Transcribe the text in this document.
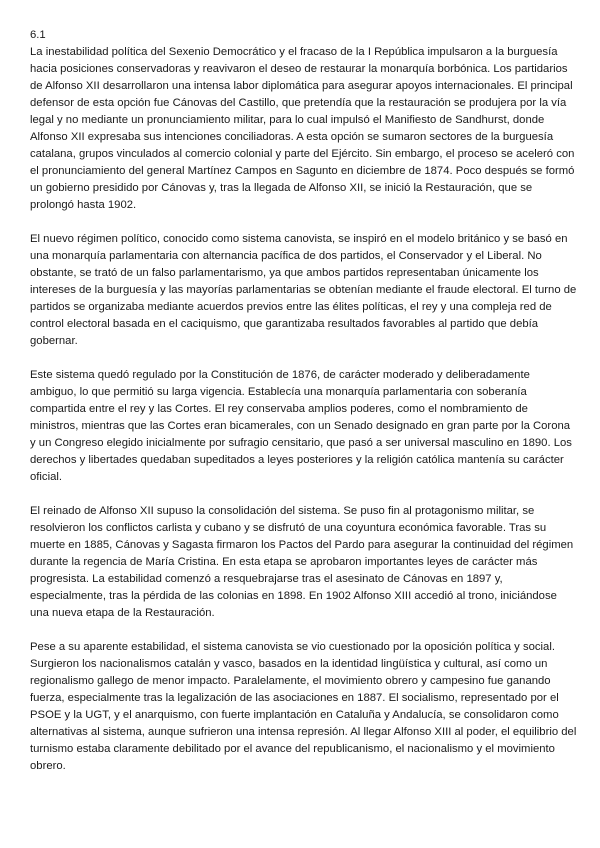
6.1

La inestabilidad política del Sexenio Democrático y el fracaso de la I República impulsaron a la burguesía hacia posiciones conservadoras y reavivaron el deseo de restaurar la monarquía borbónica. Los partidarios de Alfonso XII desarrollaron una intensa labor diplomática para asegurar apoyos internacionales. El principal defensor de esta opción fue Cánovas del Castillo, que pretendía que la restauración se produjera por la vía legal y no mediante un pronunciamiento militar, para lo cual impulsó el Manifiesto de Sandhurst, donde Alfonso XII expresaba sus intenciones conciliadoras. A esta opción se sumaron sectores de la burguesía catalana, grupos vinculados al comercio colonial y parte del Ejército. Sin embargo, el proceso se aceleró con el pronunciamiento del general Martínez Campos en Sagunto en diciembre de 1874. Poco después se formó un gobierno presidido por Cánovas y, tras la llegada de Alfonso XII, se inició la Restauración, que se prolongó hasta 1902.

El nuevo régimen político, conocido como sistema canovista, se inspiró en el modelo británico y se basó en una monarquía parlamentaria con alternancia pacífica de dos partidos, el Conservador y el Liberal. No obstante, se trató de un falso parlamentarismo, ya que ambos partidos representaban únicamente los intereses de la burguesía y las mayorías parlamentarias se obtenían mediante el fraude electoral. El turno de partidos se organizaba mediante acuerdos previos entre las élites políticas, el rey y una compleja red de control electoral basada en el caciquismo, que garantizaba resultados favorables al partido que debía gobernar.

Este sistema quedó regulado por la Constitución de 1876, de carácter moderado y deliberadamente ambiguo, lo que permitió su larga vigencia. Establecía una monarquía parlamentaria con soberanía compartida entre el rey y las Cortes. El rey conservaba amplios poderes, como el nombramiento de ministros, mientras que las Cortes eran bicamerales, con un Senado designado en gran parte por la Corona y un Congreso elegido inicialmente por sufragio censitario, que pasó a ser universal masculino en 1890. Los derechos y libertades quedaban supeditados a leyes posteriores y la religión católica mantenía su carácter oficial.

El reinado de Alfonso XII supuso la consolidación del sistema. Se puso fin al protagonismo militar, se resolvieron los conflictos carlista y cubano y se disfrutó de una coyuntura económica favorable. Tras su muerte en 1885, Cánovas y Sagasta firmaron los Pactos del Pardo para asegurar la continuidad del régimen durante la regencia de María Cristina. En esta etapa se aprobaron importantes leyes de carácter más progresista. La estabilidad comenzó a resquebrajarse tras el asesinato de Cánovas en 1897 y, especialmente, tras la pérdida de las colonias en 1898. En 1902 Alfonso XIII accedió al trono, iniciándose una nueva etapa de la Restauración.

Pese a su aparente estabilidad, el sistema canovista se vio cuestionado por la oposición política y social. Surgieron los nacionalismos catalán y vasco, basados en la identidad lingüística y cultural, así como un regionalismo gallego de menor impacto. Paralelamente, el movimiento obrero y campesino fue ganando fuerza, especialmente tras la legalización de las asociaciones en 1887. El socialismo, representado por el PSOE y la UGT, y el anarquismo, con fuerte implantación en Cataluña y Andalucía, se consolidaron como alternativas al sistema, aunque sufrieron una intensa represión. Al llegar Alfonso XIII al poder, el equilibrio del turnismo estaba claramente debilitado por el avance del republicanismo, el nacionalismo y el movimiento obrero.
